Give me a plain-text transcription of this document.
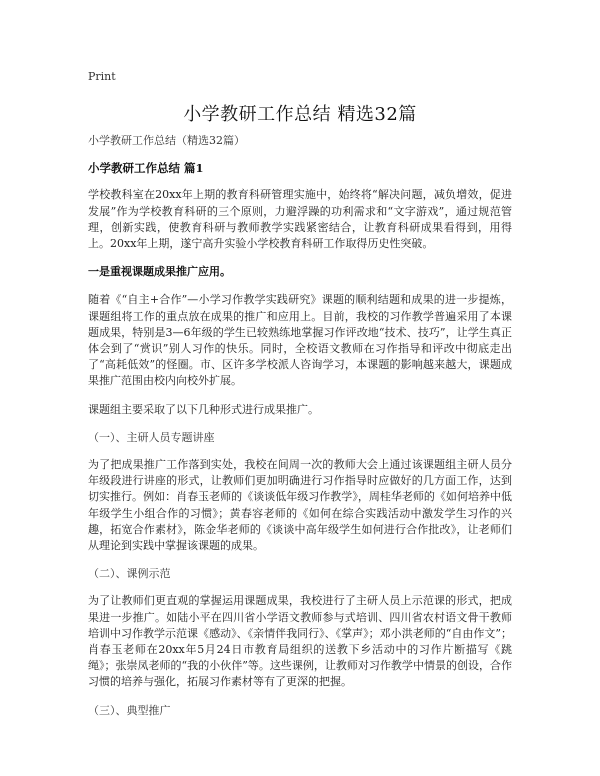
Print
小学教研工作总结 精选32篇

小学教研工作总结（精选32篇）

小学教研工作总结 篇1

学校教科室在20xx年上期的教育科研管理实施中，始终将“解决问题，减负增效，促进发展”作为学校教育科研的三个原则，力避浮躁的功利需求和“文字游戏”，通过规范管理，创新实践，使教育科研与教师教学实践紧密结合，让教育科研成果看得到，用得上。20xx年上期，遂宁高升实验小学校教育科研工作取得历史性突破。

一是重视课题成果推广应用。

随着《“自主+合作”—小学习作教学实践研究》课题的顺利结题和成果的进一步提炼，课题组将工作的重点放在成果的推广和应用上。目前，我校的习作教学普遍采用了本课题成果，特别是3—6年级的学生已较熟练地掌握习作评改地“技术、技巧”，让学生真正体会到了“赏识”别人习作的快乐。同时，全校语文教师在习作指导和评改中彻底走出了“高耗低效”的怪圈。市、区许多学校派人咨询学习，本课题的影响越来越大，课题成果推广范围由校内向校外扩展。

课题组主要采取了以下几种形式进行成果推广。

（一）、主研人员专题讲座

为了把成果推广工作落到实处，我校在间周一次的教师大会上通过该课题组主研人员分年级段进行讲座的形式，让教师们更加明确进行习作指导时应做好的几方面工作，达到切实推行。例如：肖春玉老师的《谈谈低年级习作教学》，周桂华老师的《如何培养中低年级学生小组合作的习惯》；黄春容老师的《如何在综合实践活动中激发学生习作的兴趣，拓宽合作素材》，陈金华老师的《谈谈中高年级学生如何进行合作批改》，让老师们从理论到实践中掌握该课题的成果。

（二）、课例示范

为了让教师们更直观的掌握运用课题成果，我校进行了主研人员上示范课的形式，把成果进一步推广。如陆小平在四川省小学语文教师参与式培训、四川省农村语文骨干教师培训中习作教学示范课《感动》、《亲情伴我同行》、《掌声》；邓小洪老师的“自由作文”；肖春玉老师在20xx年5月24日市教育局组织的送教下乡活动中的习作片断描写《跳绳》；张崇凤老师的“我的小伙伴”等。这些课例，让教师对习作教学中情景的创设，合作习惯的培养与强化，拓展习作素材等有了更深的把握。

（三）、典型推广
